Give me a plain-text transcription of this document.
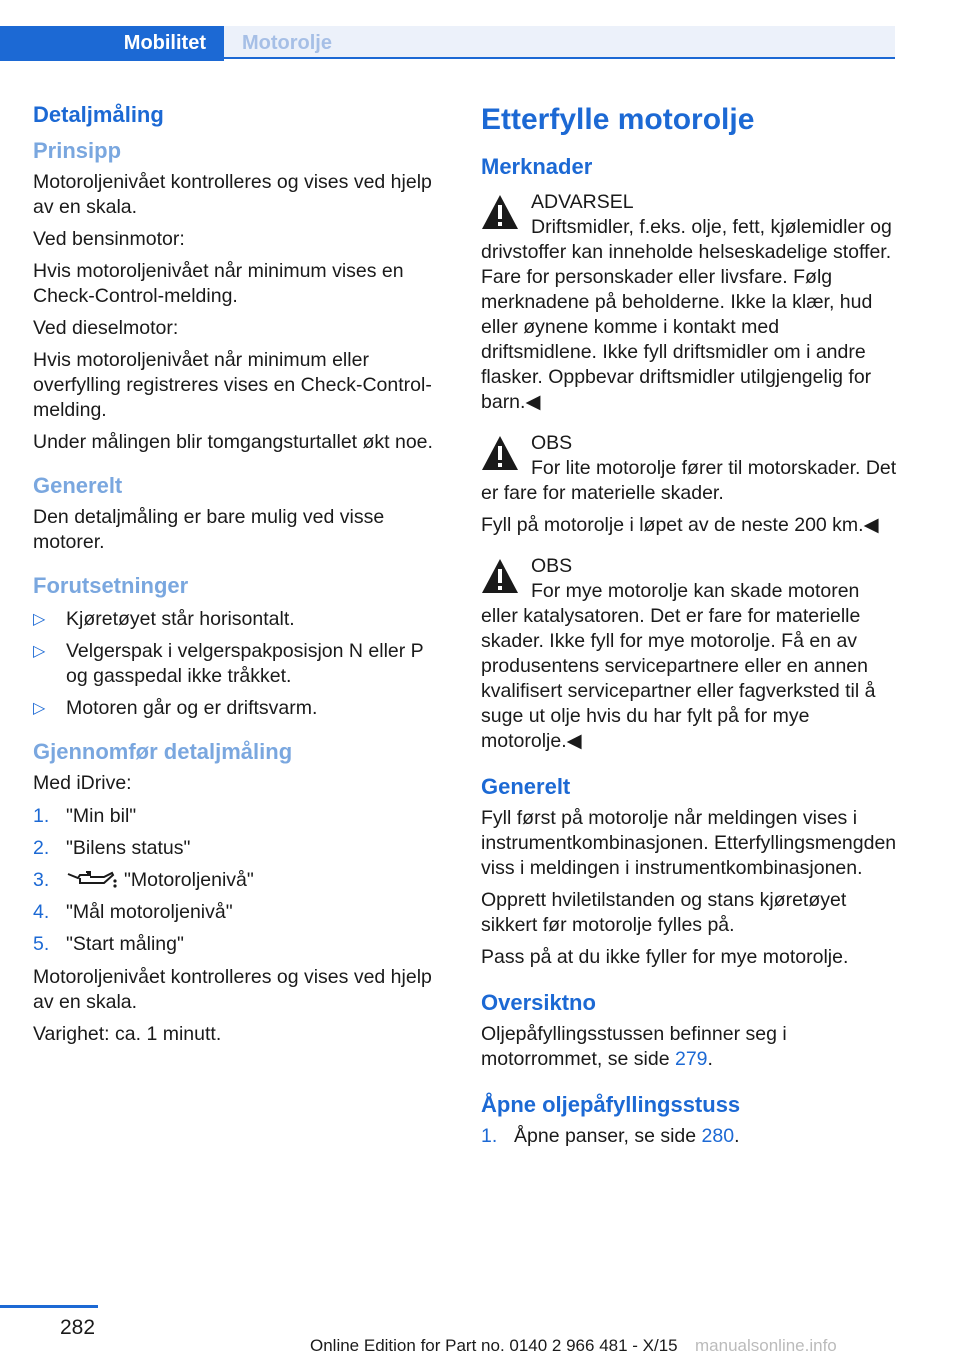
Mobilitet	Motorolje
Detaljmåling
Prinsipp

Motoroljenivået kontrolleres og vises ved hjelp av en skala.

Ved bensinmotor:

Hvis motoroljenivået når minimum vises en Check-Control-melding.

Ved dieselmotor:

Hvis motoroljenivået når minimum eller overfylling registreres vises en Check-Control-melding.

Under målingen blir tomgangsturtallet økt noe.

Generelt

Den detaljmåling er bare mulig ved visse motorer.

Forutsetninger
▷ Kjøretøyet står horisontalt.
▷ Velgerspak i velgerspakposisjon N eller P og gasspedal ikke tråkket.
▷ Motoren går og er driftsvarm.
Gjennomfør detaljmåling

Med iDrive:

1. "Min bil"
2. "Bilens status"
3.	"Motoroljenivå"
4. "Mål motoroljenivå"
5. "Start måling"

Motoroljenivået kontrolleres og vises ved hjelp av en skala.

Varighet: ca. 1 minutt.

Etterfylle motorolje
Merknader

ADVARSEL

Driftsmidler, f.eks. olje, fett, kjølemidler og drivstoffer kan inneholde helseskadelige stoffer. Fare for personskader eller livsfare. Følg merknadene på beholderne. Ikke la klær, hud eller øynene komme i kontakt med driftsmidlene. Ikke fyll driftsmidler om i andre flasker. Oppbevar driftsmidler utilgjengelig for barn.◀

OBS

For lite motorolje fører til motorskader. Det er fare for materielle skader.

Fyll på motorolje i løpet av de neste 200 km.◀

OBS

For mye motorolje kan skade motoren eller katalysatoren. Det er fare for materielle skader. Ikke fyll for mye motorolje. Få en av produsentens servicepartnere eller en annen kvalifisert servicepartner eller fagverksted til å suge ut olje hvis du har fylt på for mye motorolje.◀

Generelt

Fyll først på motorolje når meldingen vises i instrumentkombinasjonen. Etterfyllingsmengden viss i meldingen i instrumentkombinasjonen.

Opprett hviletilstanden og stans kjøretøyet sikkert før motorolje fylles på.

Pass på at du ikke fyller for mye motorolje.

Oversiktno

Oljepåfyllingsstussen befinner seg i motorrommet, se side 279.

Åpne oljepåfyllingsstuss
1. Åpne panser, se side 280.
282
Online Edition for Part no. 0140 2 966 481 - X/15 manualsonline.info
